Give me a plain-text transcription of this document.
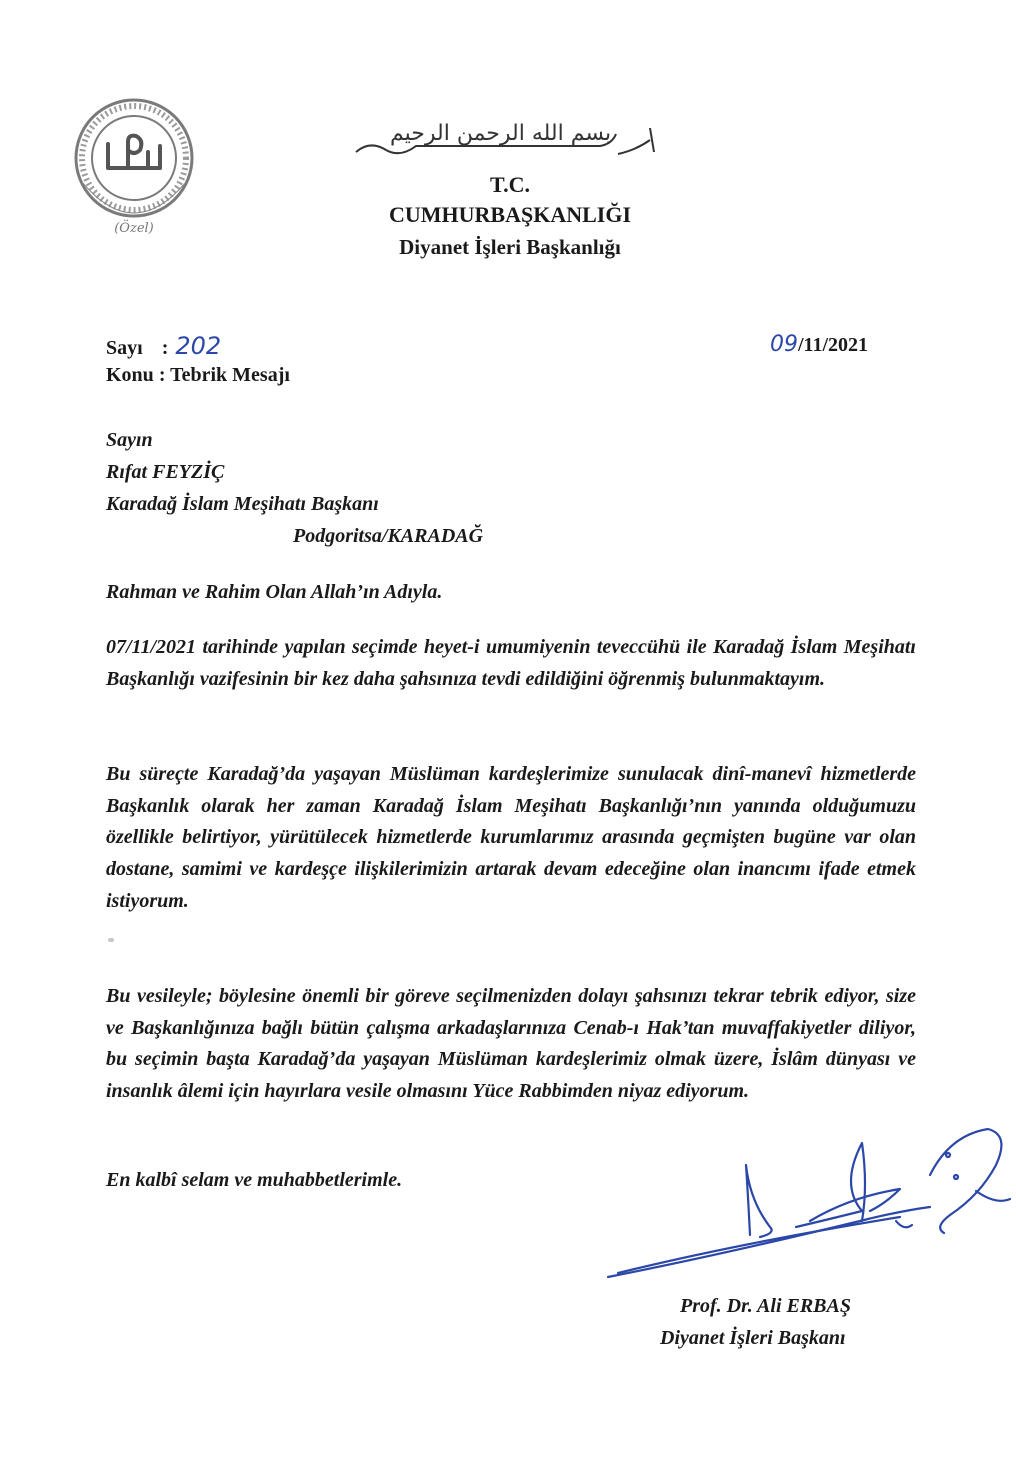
(Özel)
بسم الله الرحمن الرحيم
T.C.
CUMHURBAŞKANLIĞI
Diyanet İşleri Başkanlığı
Sayı : 202	09/11/2021
Konu : Tebrik Mesajı
Sayın
Rıfat FEYZİÇ
Karadağ İslam Meşihatı Başkanı
Podgoritsa/KARADAĞ
Rahman ve Rahim Olan Allah’ın Adıyla.
07/11/2021 tarihinde yapılan seçimde heyet-i umumiyenin teveccühü ile Karadağ İslam Meşihatı Başkanlığı vazifesinin bir kez daha şahsınıza tevdi edildiğini öğrenmiş bulunmaktayım.
Bu süreçte Karadağ’da yaşayan Müslüman kardeşlerimize sunulacak dinî-manevî hizmetlerde Başkanlık olarak her zaman Karadağ İslam Meşihatı Başkanlığı’nın yanında olduğumuzu özellikle belirtiyor, yürütülecek hizmetlerde kurumlarımız arasında geçmişten bugüne var olan dostane, samimi ve kardeşçe ilişkilerimizin artarak devam edeceğine olan inancımı ifade etmek istiyorum.
Bu vesileyle; böylesine önemli bir göreve seçilmenizden dolayı şahsınızı tekrar tebrik ediyor, size ve Başkanlığınıza bağlı bütün çalışma arkadaşlarınıza Cenab-ı Hak’tan muvaffakiyetler diliyor, bu seçimin başta Karadağ’da yaşayan Müslüman kardeşlerimiz olmak üzere, İslâm dünyası ve insanlık âlemi için hayırlara vesile olmasını Yüce Rabbimden niyaz ediyorum.
En kalbî selam ve muhabbetlerimle.
Prof. Dr. Ali ERBAŞ
Diyanet İşleri Başkanı
